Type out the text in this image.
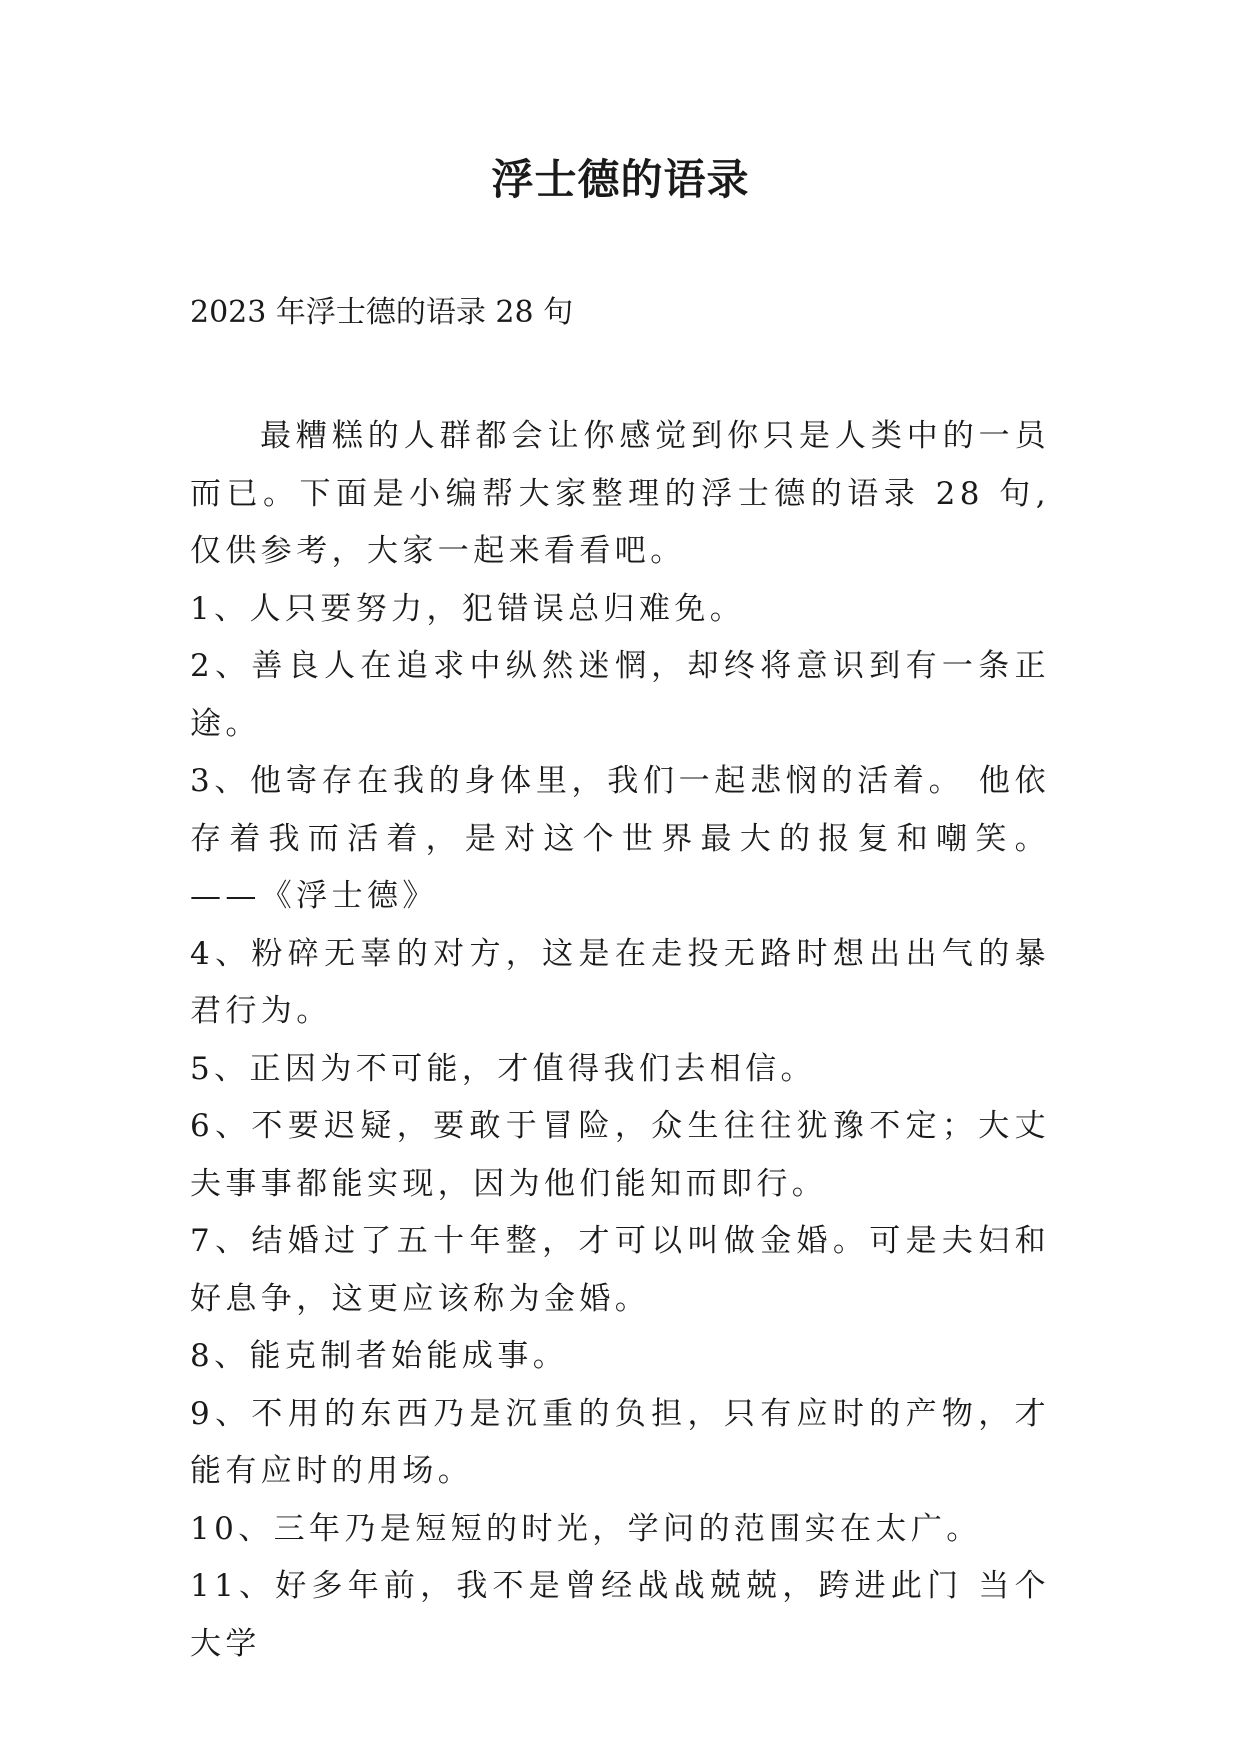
浮士德的语录

2023 年浮士德的语录 28 句

最糟糕的人群都会让你感觉到你只是人类中的一员而已。下面是小编帮大家整理的浮士德的语录 28 句,仅供参考，大家一起来看看吧。

1、人只要努力，犯错误总归难免。

2、善良人在追求中纵然迷惘，却终将意识到有一条正途。

3、他寄存在我的身体里，我们一起悲悯的活着。 他依存着我而活着，是对这个世界最大的报复和嘲笑。 ——《浮士德》

4、粉碎无辜的对方，这是在走投无路时想出出气的暴君行为。

5、正因为不可能，才值得我们去相信。

6、不要迟疑，要敢于冒险，众生往往犹豫不定；大丈夫事事都能实现，因为他们能知而即行。

7、结婚过了五十年整，才可以叫做金婚。可是夫妇和好息争，这更应该称为金婚。

8、能克制者始能成事。

9、不用的东西乃是沉重的负担，只有应时的产物，才能有应时的用场。

10、三年乃是短短的时光，学问的范围实在太广。

11、好多年前，我不是曾经战战兢兢，跨进此门 当个大学
